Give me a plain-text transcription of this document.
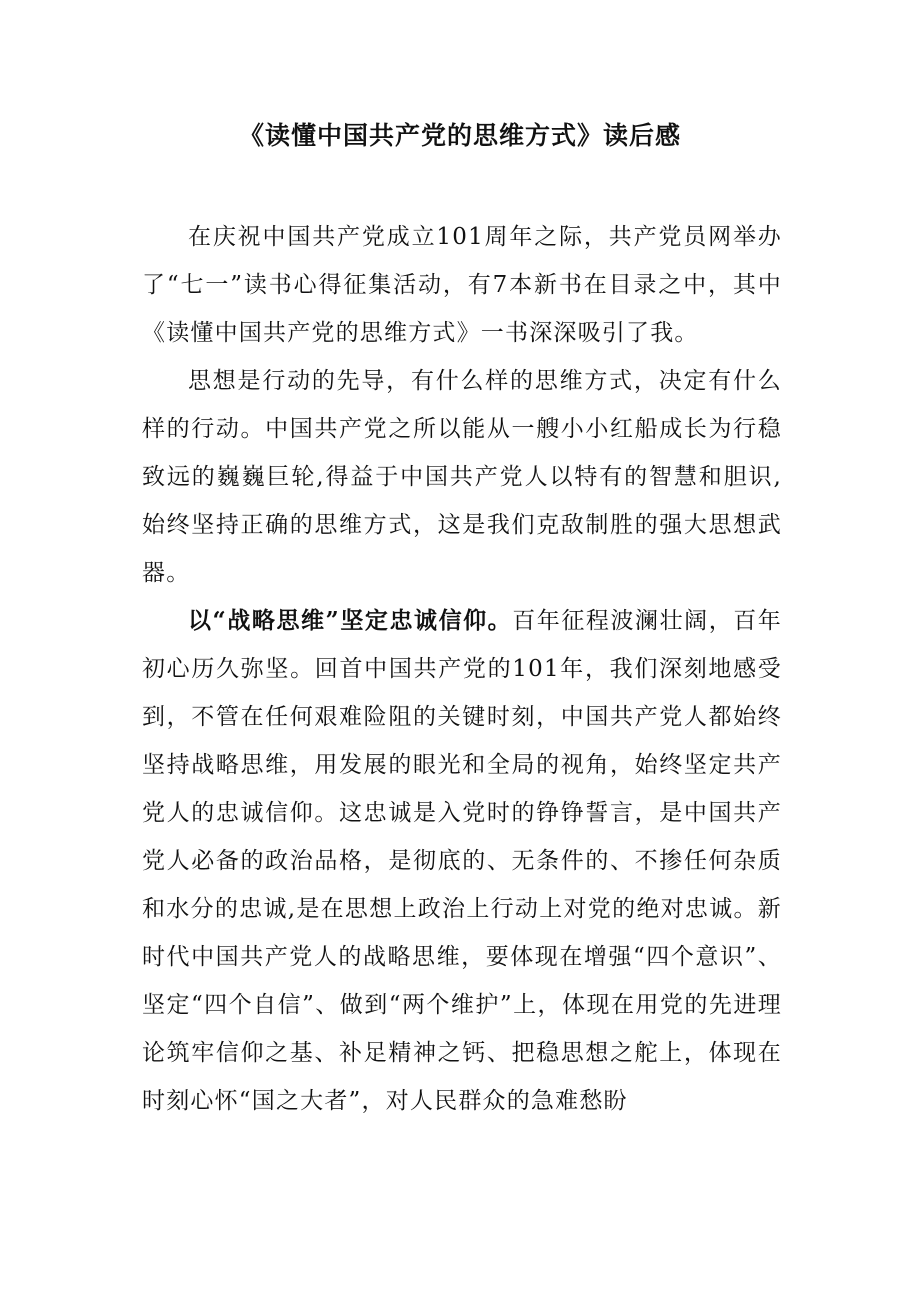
《读懂中国共产党的思维方式》读后感

在庆祝中国共产党成立101周年之际，共产党员网举办了“七一”读书心得征集活动，有7本新书在目录之中，其中《读懂中国共产党的思维方式》一书深深吸引了我。

思想是行动的先导，有什么样的思维方式，决定有什么样的行动。中国共产党之所以能从一艘小小红船成长为行稳致远的巍巍巨轮,得益于中国共产党人以特有的智慧和胆识,始终坚持正确的思维方式，这是我们克敌制胜的强大思想武器。

以“战略思维”坚定忠诚信仰。百年征程波澜壮阔，百年初心历久弥坚。回首中国共产党的101年，我们深刻地感受到，不管在任何艰难险阻的关键时刻，中国共产党人都始终坚持战略思维，用发展的眼光和全局的视角，始终坚定共产党人的忠诚信仰。这忠诚是入党时的铮铮誓言，是中国共产党人必备的政治品格，是彻底的、无条件的、不掺任何杂质和水分的忠诚,是在思想上政治上行动上对党的绝对忠诚。新时代中国共产党人的战略思维，要体现在增强“四个意识”、坚定“四个自信”、做到“两个维护”上，体现在用党的先进理论筑牢信仰之基、补足精神之钙、把稳思想之舵上，体现在时刻心怀“国之大者”，对人民群众的急难愁盼
